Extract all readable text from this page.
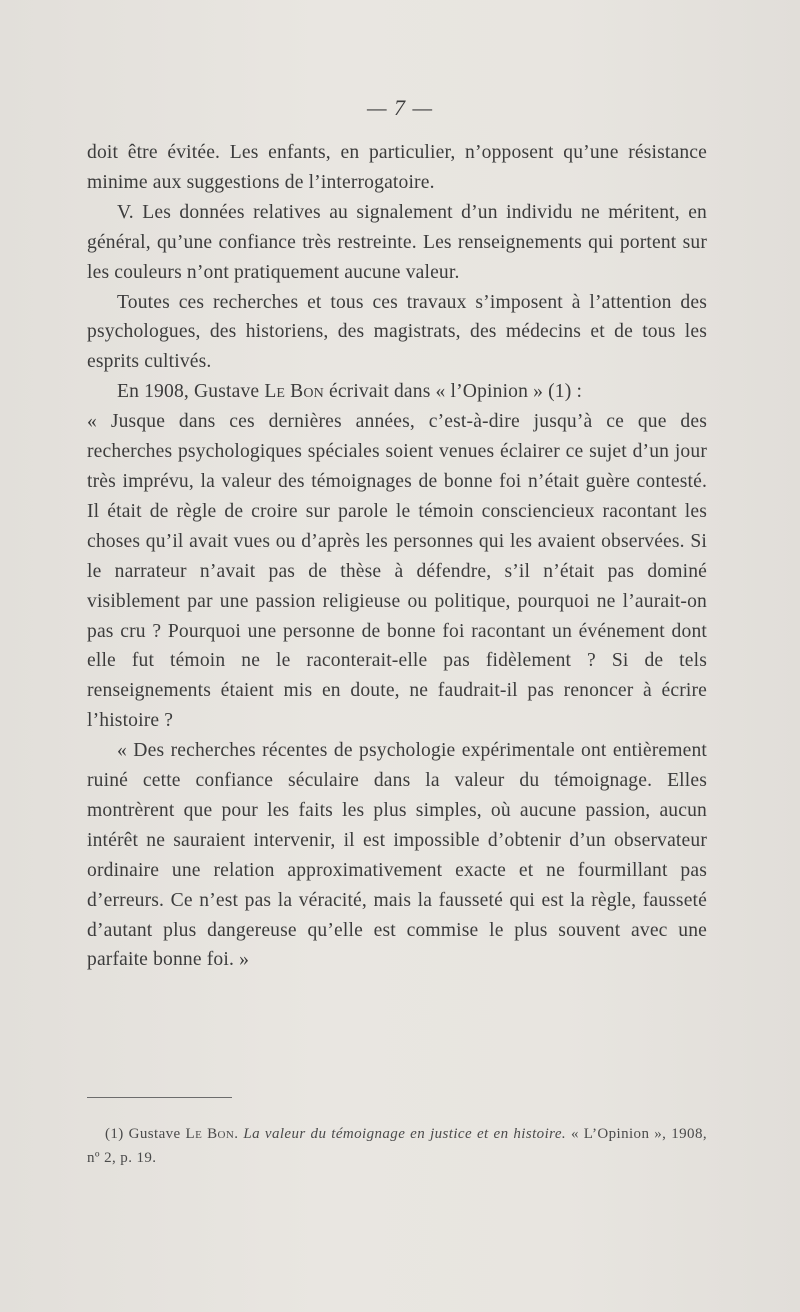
— 7 —

doit être évitée. Les enfants, en particulier, n’opposent qu’une résistance minime aux suggestions de l’interrogatoire.

V. Les données relatives au signalement d’un individu ne méritent, en général, qu’une confiance très restreinte. Les renseignements qui portent sur les couleurs n’ont pratiquement aucune valeur.

Toutes ces recherches et tous ces travaux s’imposent à l’attention des psychologues, des historiens, des magistrats, des médecins et de tous les esprits cultivés.

En 1908, Gustave Le Bon écrivait dans « l’Opinion » (1) :

« Jusque dans ces dernières années, c’est-à-dire jusqu’à ce que des recherches psychologiques spéciales soient venues éclairer ce sujet d’un jour très imprévu, la valeur des témoignages de bonne foi n’était guère contesté. Il était de règle de croire sur parole le témoin consciencieux racontant les choses qu’il avait vues ou d’après les personnes qui les avaient observées. Si le narrateur n’avait pas de thèse à défendre, s’il n’était pas dominé visiblement par une passion religieuse ou politique, pourquoi ne l’aurait-on pas cru ? Pourquoi une personne de bonne foi racontant un événement dont elle fut témoin ne le raconterait-elle pas fidèlement ? Si de tels renseignements étaient mis en doute, ne faudrait-il pas renoncer à écrire l’histoire ?

« Des recherches récentes de psychologie expérimentale ont entièrement ruiné cette confiance séculaire dans la valeur du témoignage. Elles montrèrent que pour les faits les plus simples, où aucune passion, aucun intérêt ne sauraient intervenir, il est impossible d’obtenir d’un observateur ordinaire une relation approximativement exacte et ne fourmillant pas d’erreurs. Ce n’est pas la véracité, mais la fausseté qui est la règle, fausseté d’autant plus dangereuse qu’elle est commise le plus souvent avec une parfaite bonne foi. »

(1) Gustave Le Bon. La valeur du témoignage en justice et en histoire. « L’Opinion », 1908, nº 2, p. 19.
